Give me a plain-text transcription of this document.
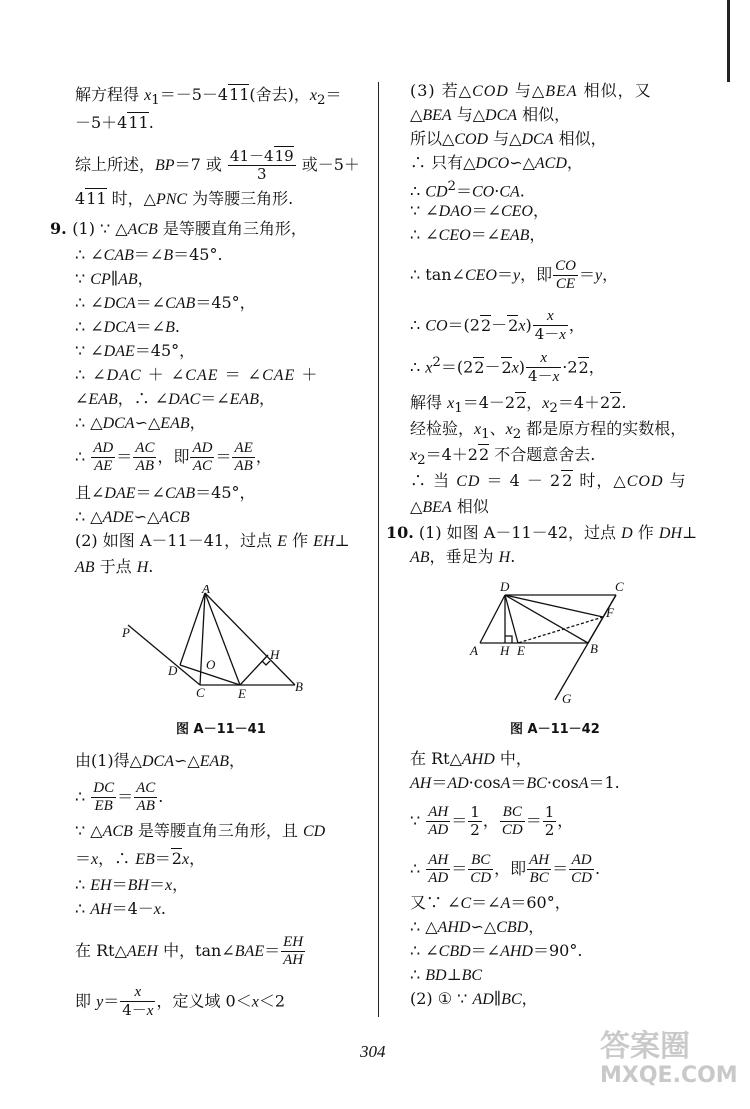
解方程得 $x_1=-5-411$(舍去)，$x_2=$
－5＋411.
综上所述，BP＝7 或 $\frac{41-419}{3}$ 或－5＋
411 时，△PNC 为等腰三角形.
9. (1) ∵ △ACB 是等腰直角三角形，
∴ ∠CAB＝∠B＝45°.
∵ CP∥AB，
∴ ∠DCA＝∠CAB＝45°，
∴ ∠DCA＝∠B.
∵ ∠DAE＝45°，
∴ ∠DAC ＋ ∠CAE ＝ ∠CAE ＋
∠EAB，∴ ∠DAC＝∠EAB，
∴ △DCA∽△EAB，
∴ $\frac{AD}{AE} = \frac{AC}{AB}$ ，即 $\frac{AD}{AC} = \frac{AE}{AB}$ ，
且∠DAE＝∠CAB＝45°，
∴ △ADE∽△ACB
(2) 如图 A－11－41，过点 E 作 EH⊥
AB 于点 H.
A
P
D O
H
C	E	B
图 A－11－41
由(1)得△DCA∽△EAB，
∴ $\frac{DC}{EB} = \frac{AC}{AB}$ .
∵ △ACB 是等腰直角三角形，且 CD
＝x，∴ EB＝2x，
∴ EH＝BH＝x，
∴ AH＝4－x.
在 Rt△AEH 中，tan∠BAE＝ $\frac{EH}{AH}$
即 $y= \frac{x}{4-x}$ ，定义域 0＜x＜2
(3) 若△COD 与△BEA 相似，又
△BEA 与△DCA 相似，
所以△COD 与△DCA 相似，
∴ 只有△DCO∽△ACD，
∴ $CD^2=CO\cdot CA$.
∵ ∠DAO＝∠CEO，
∴ ∠CEO＝∠EAB，
∴ tan∠CEO＝y，即 $\frac{CO}{CE} =y$，
∴ $CO=(22-2x) \frac{x}{4-x}$ ，
∴ $x^2=(22-2x) \frac{x}{4-x} \cdot 22$，
解得 $x_1=4-22$，$x_2=4+22$.
经检验，$x_1$、$x_2$ 都是原方程的实数根，
$x_2=4+22$ 不合题意舍去.
∴ 当 CD ＝ 4 － 22 时，△COD 与
△BEA 相似
10. (1) 如图 A－11－42，过点 D 作 DH⊥
AB，垂足为 H.
D	C
F
A H E	B
G
图 A－11－42
在 Rt△AHD 中，
AH＝AD·cosA＝BC·cosA＝1.
∵ $\frac{AH}{AD} = \frac{1}{2}$ ， $\frac{BC}{CD} = \frac{1}{2}$ ，
∴ $\frac{AH}{AD} = \frac{BC}{CD}$ ，即 $\frac{AH}{BC} = \frac{AD}{CD}$ .
又∵ ∠C＝∠A＝60°，
∴ △AHD∽△CBD，
∴ ∠CBD＝∠AHD＝90°.
∴ BD⊥BC
(2) ① ∵ AD∥BC，
304	答案圈
MXQE.COM
